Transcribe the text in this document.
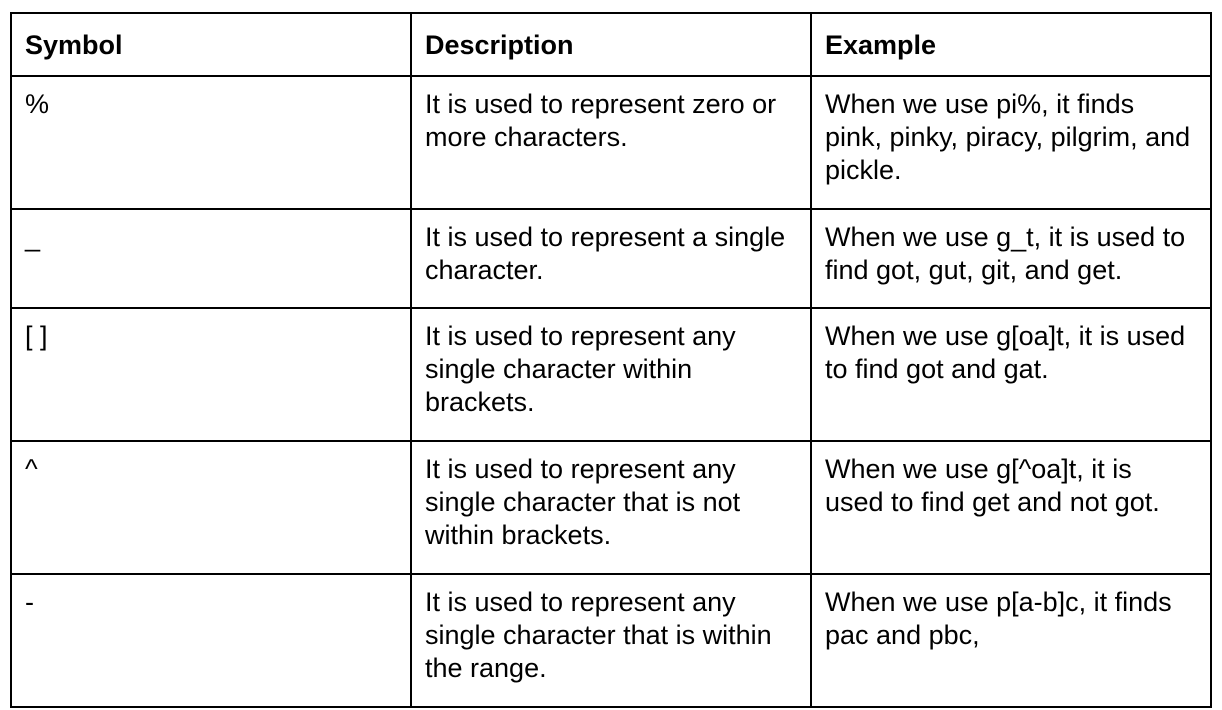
Symbol	Description	Example
%	It is used to represent zero or more characters.	When we use pi%, it finds pink, pinky, piracy, pilgrim, and pickle.
_	It is used to represent a single character.	When we use g_t, it is used to find got, gut, git, and get.
[ ]	It is used to represent any single character within brackets.	When we use g[oa]t, it is used to find got and gat.
^	It is used to represent any single character that is not within brackets.	When we use g[^oa]t, it is used to find get and not got.
-	It is used to represent any single character that is within the range.	When we use p[a-b]c, it finds pac and pbc,
